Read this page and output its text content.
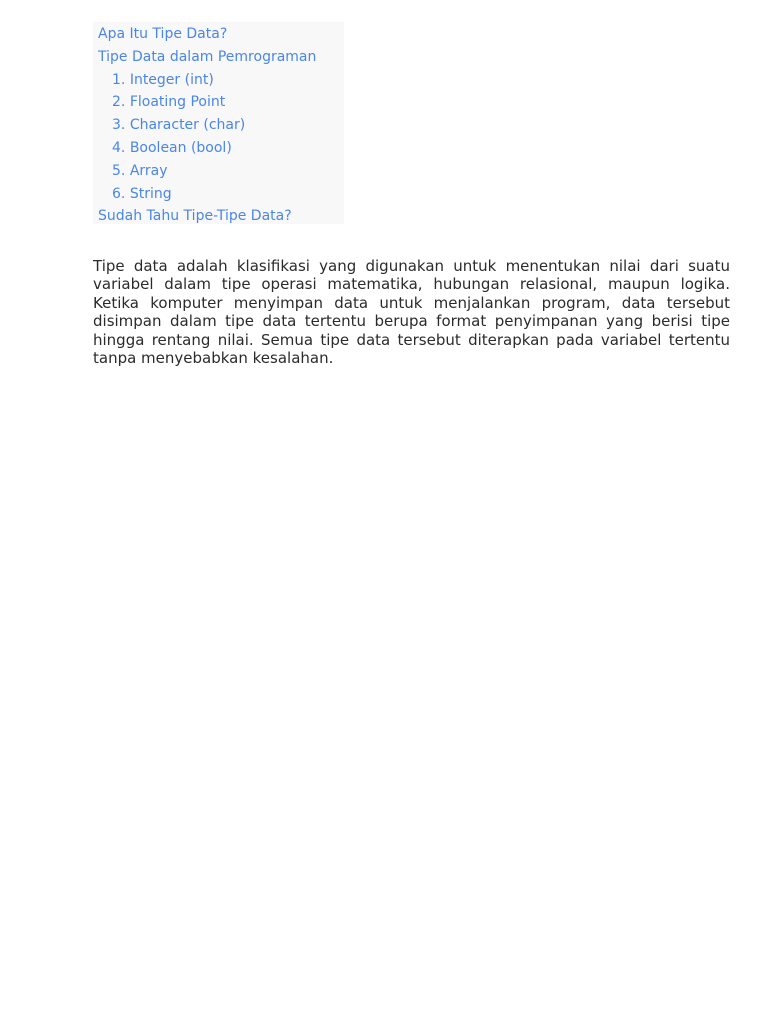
Apa Itu Tipe Data?
Tipe Data dalam Pemrograman
1. Integer (int)
2. Floating Point
3. Character (char)
4. Boolean (bool)
5. Array
6. String
Sudah Tahu Tipe-Tipe Data?

Tipe data adalah klasifikasi yang digunakan untuk menentukan nilai dari suatu variabel dalam tipe operasi matematika, hubungan relasional, maupun logika. Ketika komputer menyimpan data untuk menjalankan program, data tersebut disimpan dalam tipe data tertentu berupa format penyimpanan yang berisi tipe hingga rentang nilai. Semua tipe data tersebut diterapkan pada variabel tertentu tanpa menyebabkan kesalahan.
